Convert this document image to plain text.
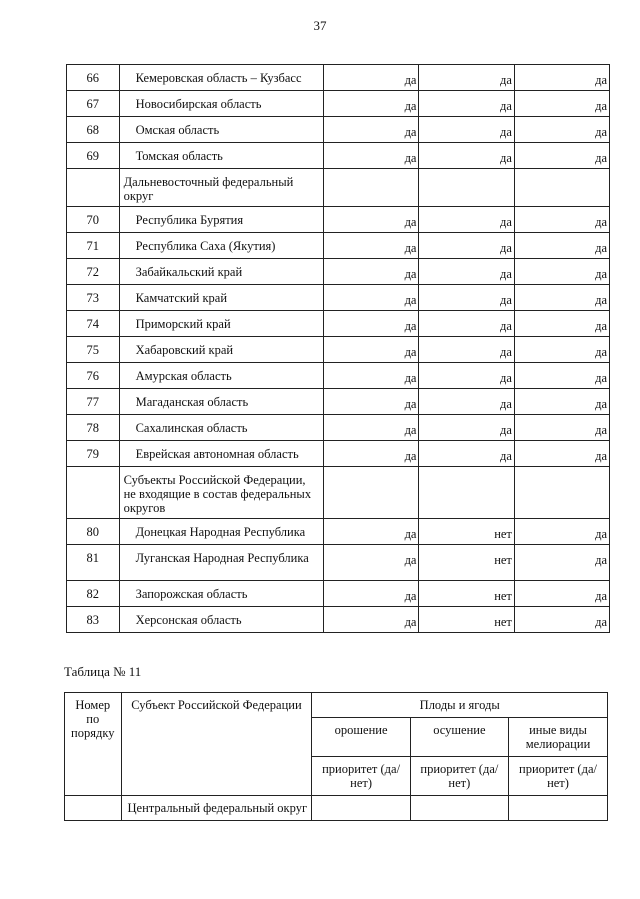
37
66	Кемеровская область – Кузбасс	да	да	да
67	Новосибирская область	да	да	да
68	Омская область	да	да	да
69	Томская область	да	да	да
	Дальневосточный федеральный округ			
70	Республика Бурятия	да	да	да
71	Республика Саха (Якутия)	да	да	да
72	Забайкальский край	да	да	да
73	Камчатский край	да	да	да
74	Приморский край	да	да	да
75	Хабаровский край	да	да	да
76	Амурская область	да	да	да
77	Магаданская область	да	да	да
78	Сахалинская область	да	да	да
79	Еврейская автономная область	да	да	да
	Субъекты Российской Федерации, не входящие в состав федеральных округов			
80	Донецкая Народная Республика	да	нет	да
81	Луганская Народная Республика	да	нет	да
82	Запорожская область	да	нет	да
83	Херсонская область	да	нет	да
Таблица № 11
Номер по порядку	Субъект Российской Федерации	Плоды и ягоды		
		орошение	осушение	иные виды мелиорации
		приоритет (да/нет)	приоритет (да/нет)	приоритет (да/нет)
	Центральный федеральный округ			
